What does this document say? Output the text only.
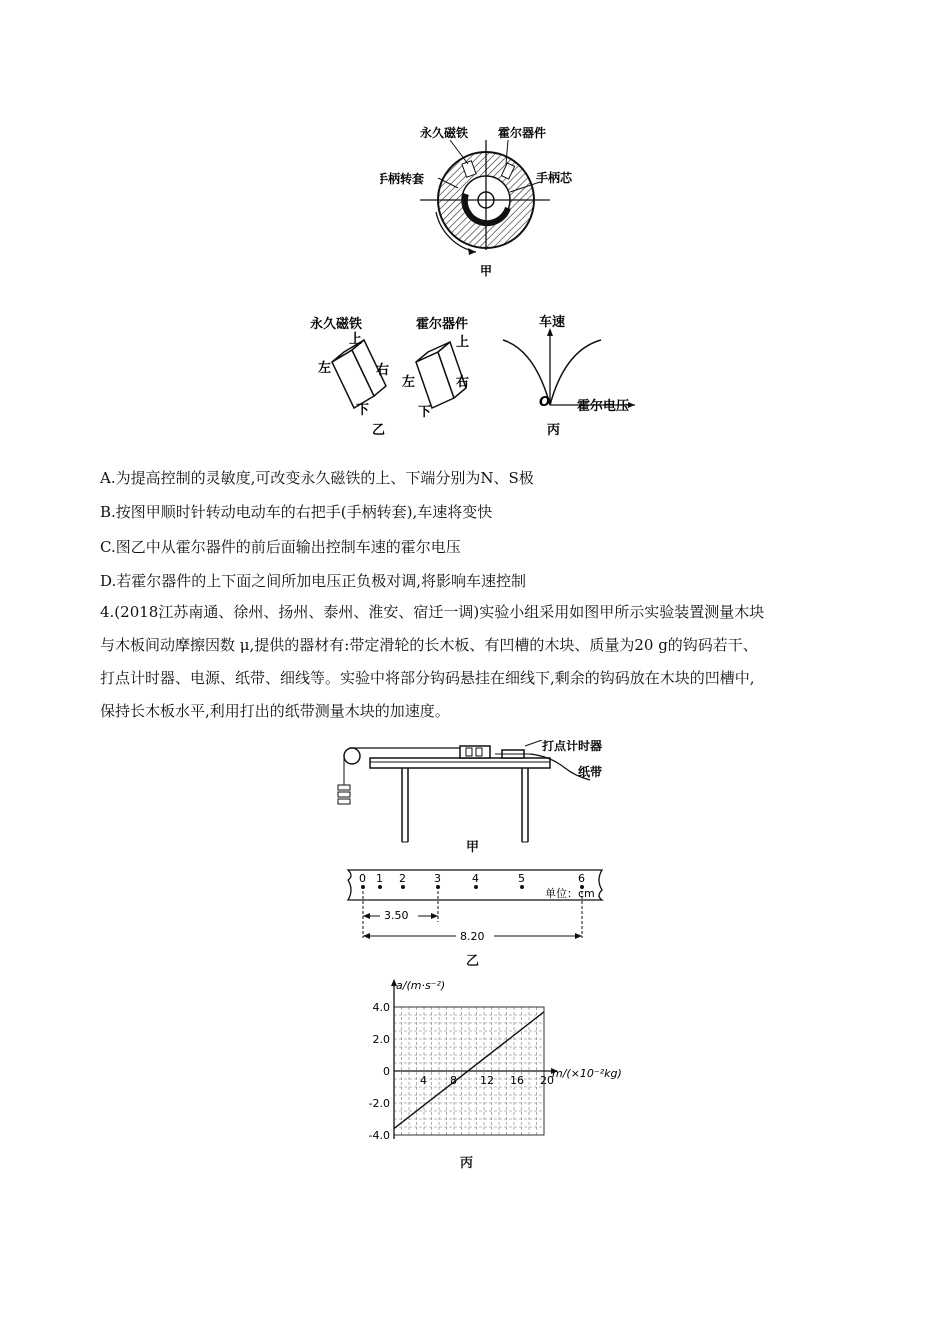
永久磁铁 霍尔器件
手柄转套	手柄芯
甲
永久磁铁	霍尔器件
上
左	右
下
上
左	右
下
乙
车速
O 霍尔电压
丙
A.为提高控制的灵敏度,可改变永久磁铁的上、下端分别为N、S极
B.按图甲顺时针转动电动车的右把手(手柄转套),车速将变快
C.图乙中从霍尔器件的前后面输出控制车速的霍尔电压
D.若霍尔器件的上下面之间所加电压正负极对调,将影响车速控制
4.(2018江苏南通、徐州、扬州、泰州、淮安、宿迁一调)实验小组采用如图甲所示实验装置测量木块
与木板间动摩擦因数 μ,提供的器材有:带定滑轮的长木板、有凹槽的木块、质量为20 g的钩码若干、
打点计时器、电源、纸带、细线等。实验中将部分钩码悬挂在细线下,剩余的钩码放在木块的凹槽中,
保持长木板水平,利用打出的纸带测量木块的加速度。
打点计时器
纸带
甲
0 1 2	3	4	5	6
单位：cm
3.50
8.20
乙
4 8 12 16 20
4.0
2.0
0
-2.0
-4.0
m/(×10⁻²kg)
a/(m·s⁻²)
丙
